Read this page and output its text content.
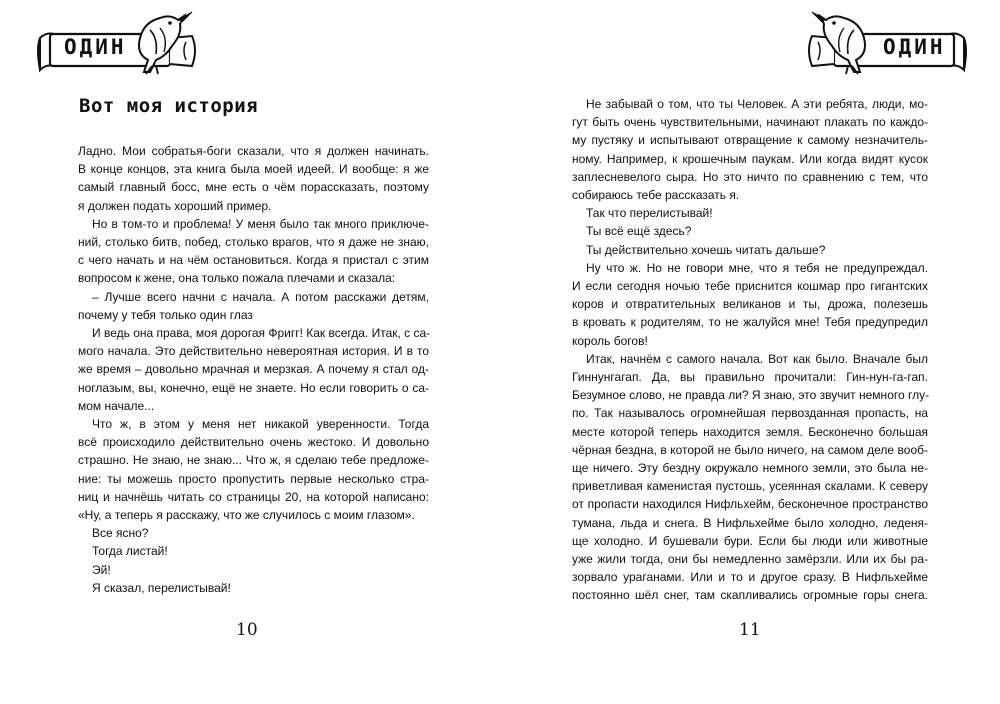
ОДИН
Вот моя история
Ладно. Мои собратья-боги сказали, что я должен начинать.
В конце концов, эта книга была моей идеей. И вообще: я же
самый главный босс, мне есть о чём порассказать, поэтому
я должен подать хороший пример.
Но в том-то и проблема! У меня было так много приключе-
ний, столько битв, побед, столько врагов, что я даже не знаю,
с чего начать и на чём остановиться. Когда я пристал с этим
вопросом к жене, она только пожала плечами и сказала:
– Лучше всего начни с начала. А потом расскажи детям,
почему у тебя только один глаз
И ведь она права, моя дорогая Фригг! Как всегда. Итак, с са-
мого начала. Это действительно невероятная история. И в то
же время – довольно мрачная и мерзкая. А почему я стал од-
ноглазым, вы, конечно, ещё не знаете. Но если говорить о са-
мом начале...
Что ж, в этом у меня нет никакой уверенности. Тогда
всё происходило действительно очень жестоко. И довольно
страшно. Не знаю, не знаю... Что ж, я сделаю тебе предложе-
ние: ты можешь просто пропустить первые несколько стра-
ниц и начнёшь читать со страницы 20, на которой написано:
«Ну, а теперь я расскажу, что же случилось с моим глазом».
Все ясно?
Тогда листай!
Эй!
Я сказал, перелистывай!
10
ОДИН
Не забывай о том, что ты Человек. А эти ребята, люди, мо-
гут быть очень чувствительными, начинают плакать по каждо-
му пустяку и испытывают отвращение к самому незначитель-
ному. Например, к крошечным паукам. Или когда видят кусок
заплесневелого сыра. Но это ничто по сравнению с тем, что
собираюсь тебе рассказать я.
Так что перелистывай!
Ты всё ещё здесь?
Ты действительно хочешь читать дальше?
Ну что ж. Но не говори мне, что я тебя не предупреждал.
И если сегодня ночью тебе приснится кошмар про гигантских
коров и отвратительных великанов и ты, дрожа, полезешь
в кровать к родителям, то не жалуйся мне! Тебя предупредил
король богов!
Итак, начнём с самого начала. Вот как было. Вначале был
Гиннунгагап. Да, вы правильно прочитали: Гин-нун-га-гап.
Безумное слово, не правда ли? Я знаю, это звучит немного глу-
по. Так называлось огромнейшая первозданная пропасть, на
месте которой теперь находится земля. Бесконечно большая
чёрная бездна, в которой не было ничего, на самом деле вооб-
ще ничего. Эту бездну окружало немного земли, это была не-
приветливая каменистая пустошь, усеянная скалами. К северу
от пропасти находился Нифльхейм, бесконечное пространство
тумана, льда и снега. В Нифльхейме было холодно, леденя-
ще холодно. И бушевали бури. Если бы люди или животные
уже жили тогда, они бы немедленно замёрзли. Или их бы ра-
зорвало ураганами. Или и то и другое сразу. В Нифльхейме
постоянно шёл снег, там скапливались огромные горы снега.
11
